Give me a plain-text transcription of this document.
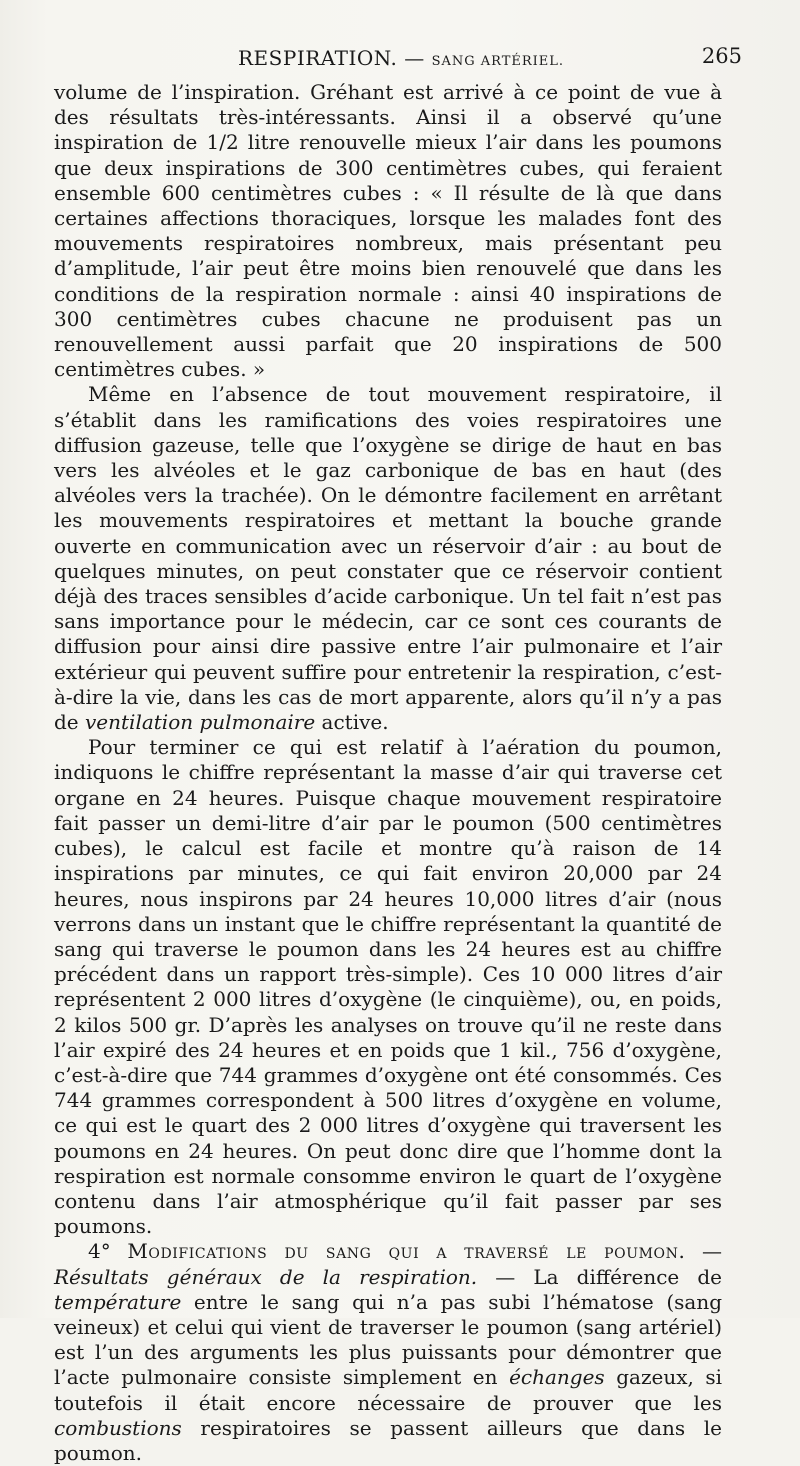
RESPIRATION. — SANG ARTÉRIEL.	265

volume de l’inspiration. Gréhant est arrivé à ce point de vue à des résultats très-intéressants. Ainsi il a observé qu’une inspiration de 1/2 litre renouvelle mieux l’air dans les poumons que deux inspirations de 300 centimètres cubes, qui feraient ensemble 600 centimètres cubes : « Il résulte de là que dans certaines affections thoraciques, lorsque les malades font des mouvements respiratoires nombreux, mais présentant peu d’amplitude, l’air peut être moins bien renouvelé que dans les conditions de la respiration normale : ainsi 40 inspirations de 300 centimètres cubes chacune ne produisent pas un renouvellement aussi parfait que 20 inspirations de 500 centimètres cubes. »

Même en l’absence de tout mouvement respiratoire, il s’établit dans les ramifications des voies respiratoires une diffusion gazeuse, telle que l’oxygène se dirige de haut en bas vers les alvéoles et le gaz carbonique de bas en haut (des alvéoles vers la trachée). On le démontre facilement en arrêtant les mouvements respiratoires et mettant la bouche grande ouverte en communication avec un réservoir d’air : au bout de quelques minutes, on peut constater que ce réservoir contient déjà des traces sensibles d’acide carbonique. Un tel fait n’est pas sans importance pour le médecin, car ce sont ces courants de diffusion pour ainsi dire passive entre l’air pulmonaire et l’air extérieur qui peuvent suffire pour entretenir la respiration, c’est-à-dire la vie, dans les cas de mort apparente, alors qu’il n’y a pas de ventilation pulmonaire active.

Pour terminer ce qui est relatif à l’aération du poumon, indiquons le chiffre représentant la masse d’air qui traverse cet organe en 24 heures. Puisque chaque mouvement respiratoire fait passer un demi-litre d’air par le poumon (500 centimètres cubes), le calcul est facile et montre qu’à raison de 14 inspirations par minutes, ce qui fait environ 20,000 par 24 heures, nous inspirons par 24 heures 10,000 litres d’air (nous verrons dans un instant que le chiffre représentant la quantité de sang qui traverse le poumon dans les 24 heures est au chiffre précédent dans un rapport très-simple). Ces 10 000 litres d’air représentent 2 000 litres d’oxygène (le cinquième), ou, en poids, 2 kilos 500 gr. D’après les analyses on trouve qu’il ne reste dans l’air expiré des 24 heures et en poids que 1 kil., 756 d’oxygène, c’est-à-dire que 744 grammes d’oxygène ont été consommés. Ces 744 grammes correspondent à 500 litres d’oxygène en volume, ce qui est le quart des 2 000 litres d’oxygène qui traversent les poumons en 24 heures. On peut donc dire que l’homme dont la respiration est normale consomme environ le quart de l’oxygène contenu dans l’air atmosphérique qu’il fait passer par ses poumons.

4° Modifications du sang qui a traversé le poumon. — Résultats généraux de la respiration. — La différence de température entre le sang qui n’a pas subi l’hématose (sang veineux) et celui qui vient de traverser le poumon (sang artériel) est l’un des arguments les plus puissants pour démontrer que l’acte pulmonaire consiste simplement en échanges gazeux, si toutefois il était encore nécessaire de prouver que les combustions respiratoires se passent ailleurs que dans le poumon.
